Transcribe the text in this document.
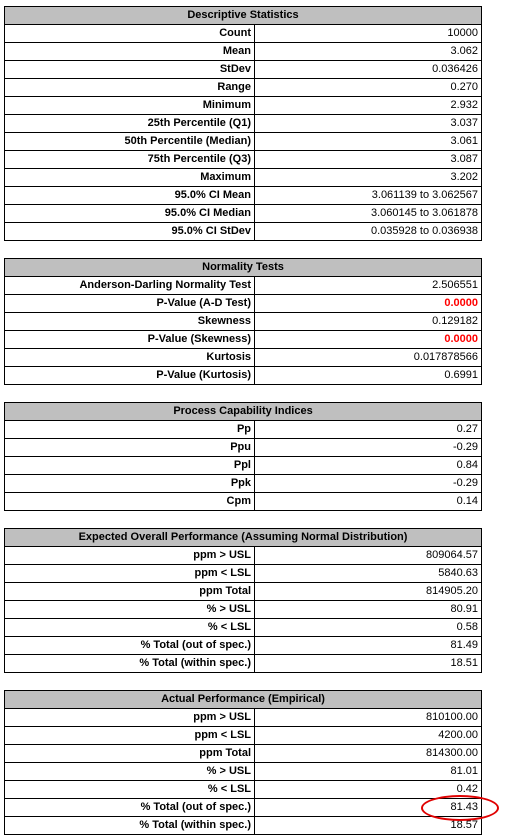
Descriptive Statistics	
Count	10000
Mean	3.062
StDev	0.036426
Range	0.270
Minimum	2.932
25th Percentile (Q1)	3.037
50th Percentile (Median)	3.061
75th Percentile (Q3)	3.087
Maximum	3.202
95.0% CI Mean	3.061139 to 3.062567
95.0% CI Median	3.060145 to 3.061878
95.0% CI StDev	0.035928 to 0.036938
Normality Tests	
Anderson-Darling Normality Test	2.506551
P-Value (A-D Test)	0.0000
Skewness	0.129182
P-Value (Skewness)	0.0000
Kurtosis	0.017878566
P-Value (Kurtosis)	0.6991
Process Capability Indices	
Pp	0.27
Ppu	-0.29
Ppl	0.84
Ppk	-0.29
Cpm	0.14
Expected Overall Performance (Assuming Normal Distribution)	
ppm > USL	809064.57
ppm < LSL	5840.63
ppm Total	814905.20
% > USL	80.91
% < LSL	0.58
% Total (out of spec.)	81.49
% Total (within spec.)	18.51
Actual Performance (Empirical)	
ppm > USL	810100.00
ppm < LSL	4200.00
ppm Total	814300.00
% > USL	81.01
% < LSL	0.42
% Total (out of spec.)	81.43
% Total (within spec.)	18.57
